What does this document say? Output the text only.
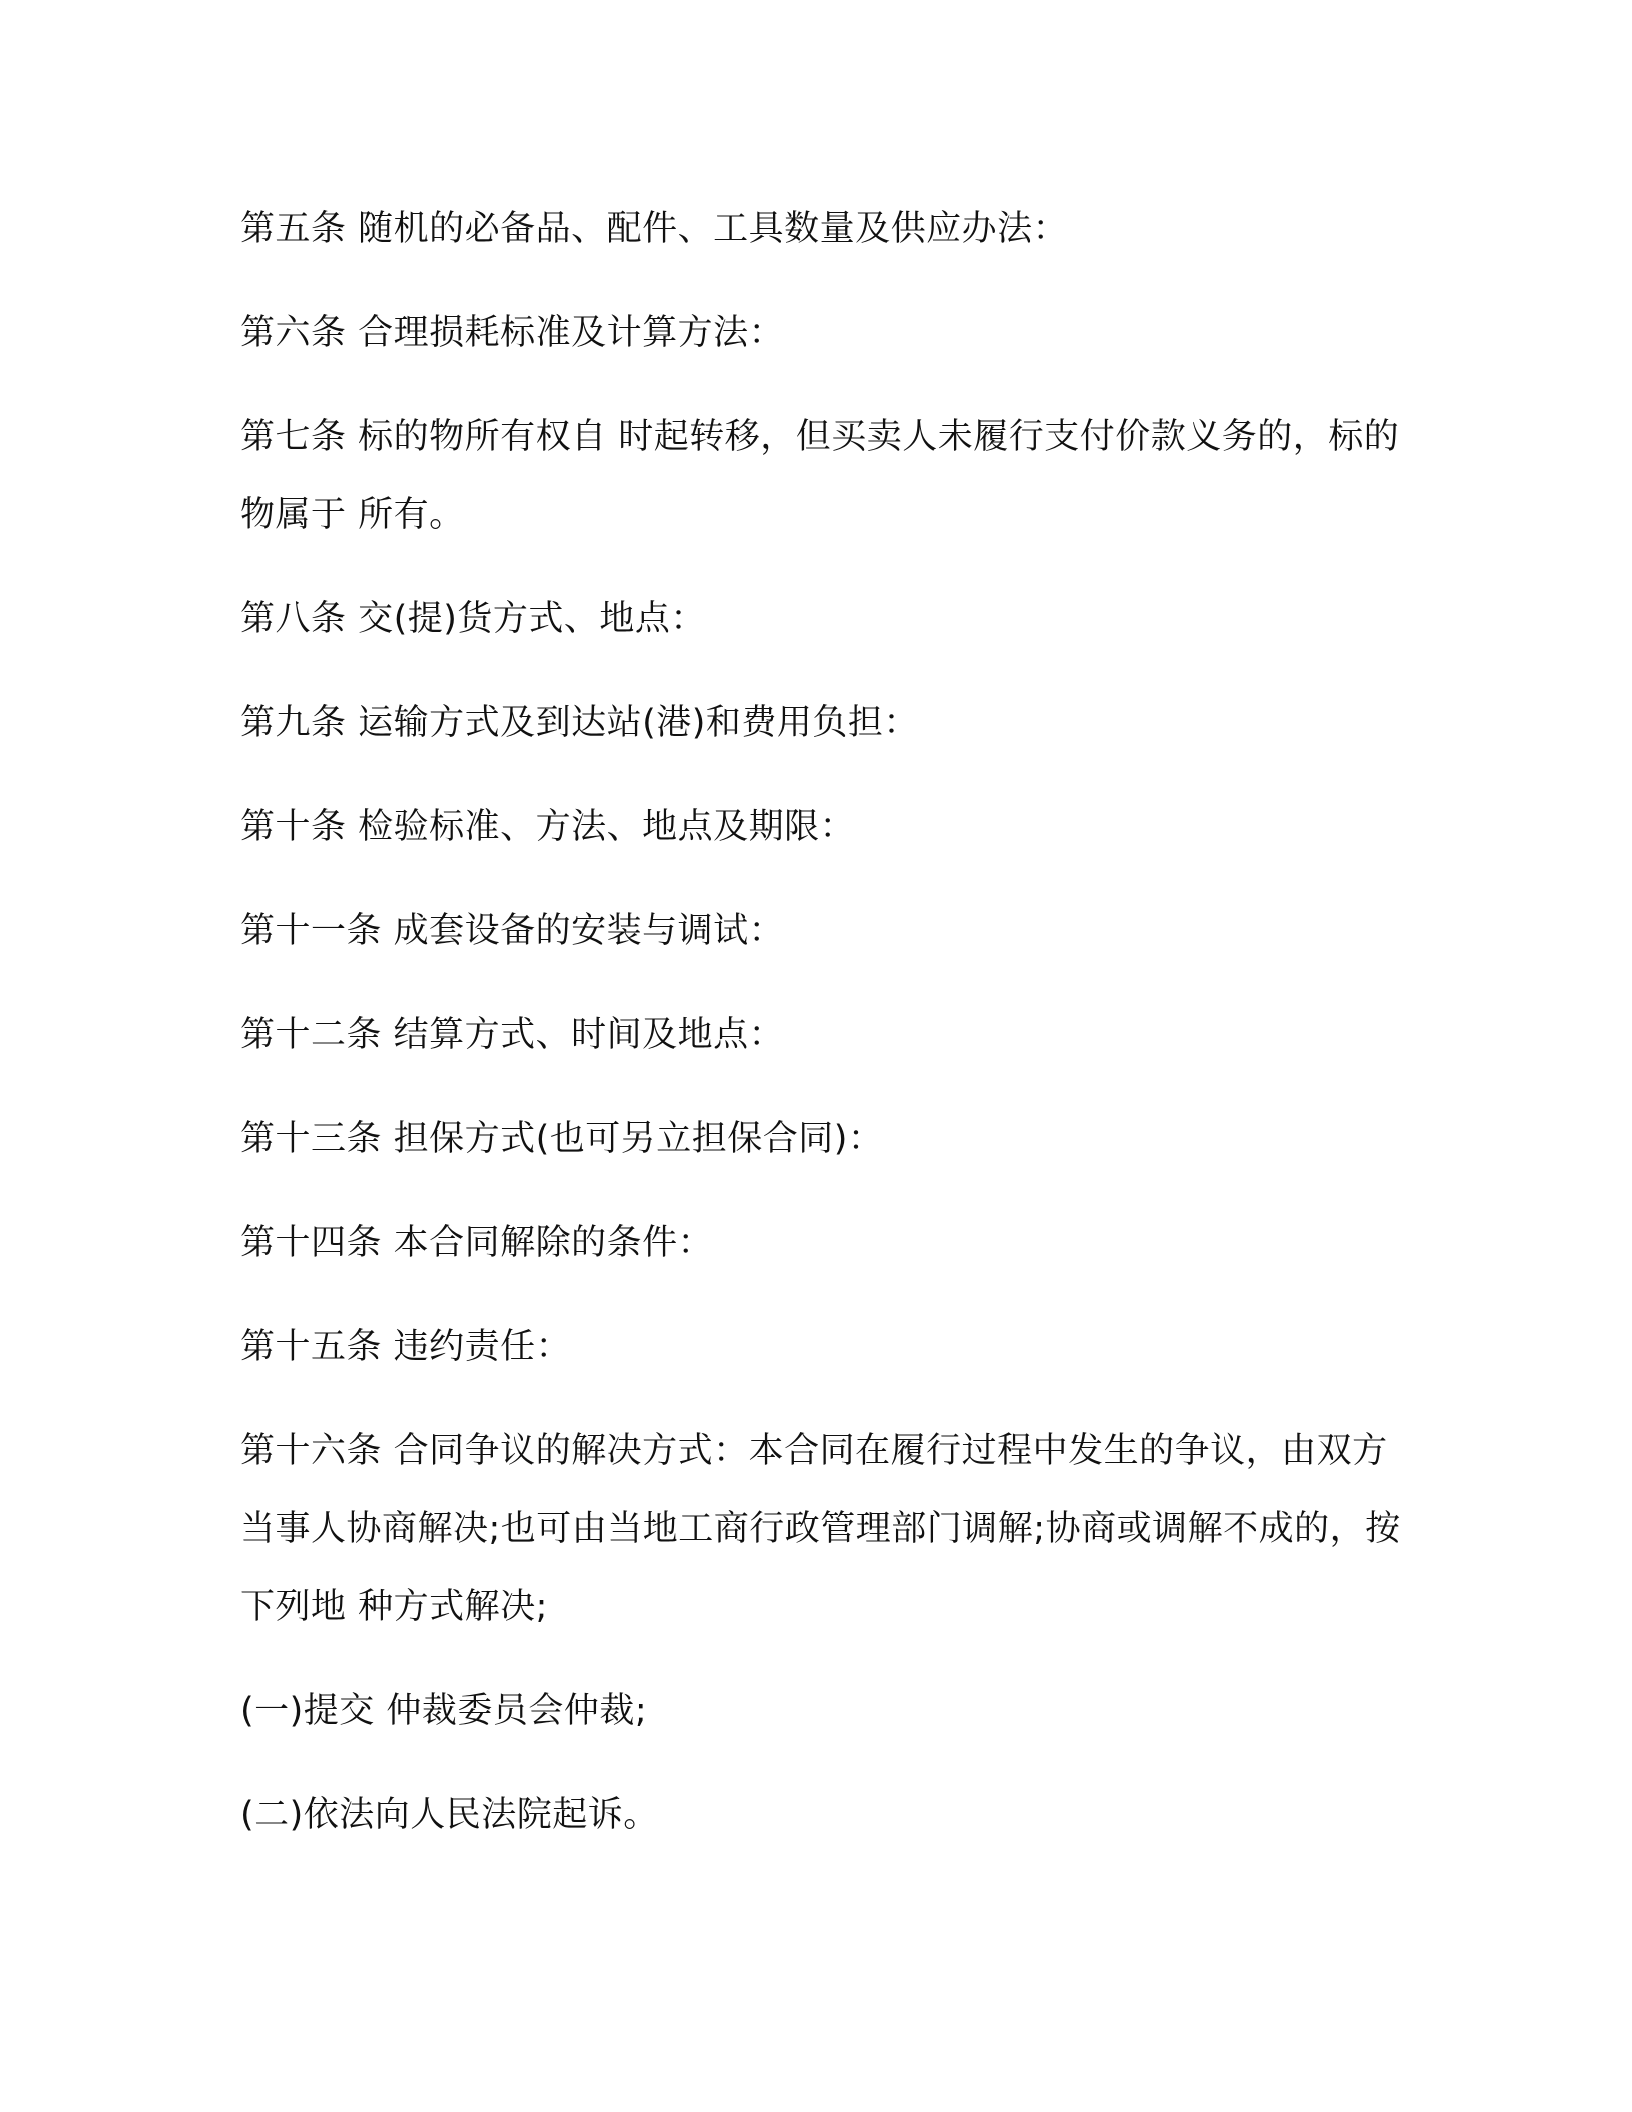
第五条 随机的必备品、配件、工具数量及供应办法：

第六条 合理损耗标准及计算方法：

第七条 标的物所有权自 时起转移，但买卖人未履行支付价款义务的，标的物属于 所有。

第八条 交(提)货方式、地点：

第九条 运输方式及到达站(港)和费用负担：

第十条 检验标准、方法、地点及期限：

第十一条 成套设备的安装与调试：

第十二条 结算方式、时间及地点：

第十三条 担保方式(也可另立担保合同)：

第十四条 本合同解除的条件：

第十五条 违约责任：

第十六条 合同争议的解决方式：本合同在履行过程中发生的争议，由双方当事人协商解决;也可由当地工商行政管理部门调解;协商或调解不成的，按下列地 种方式解决;

(一)提交 仲裁委员会仲裁;

(二)依法向人民法院起诉。
